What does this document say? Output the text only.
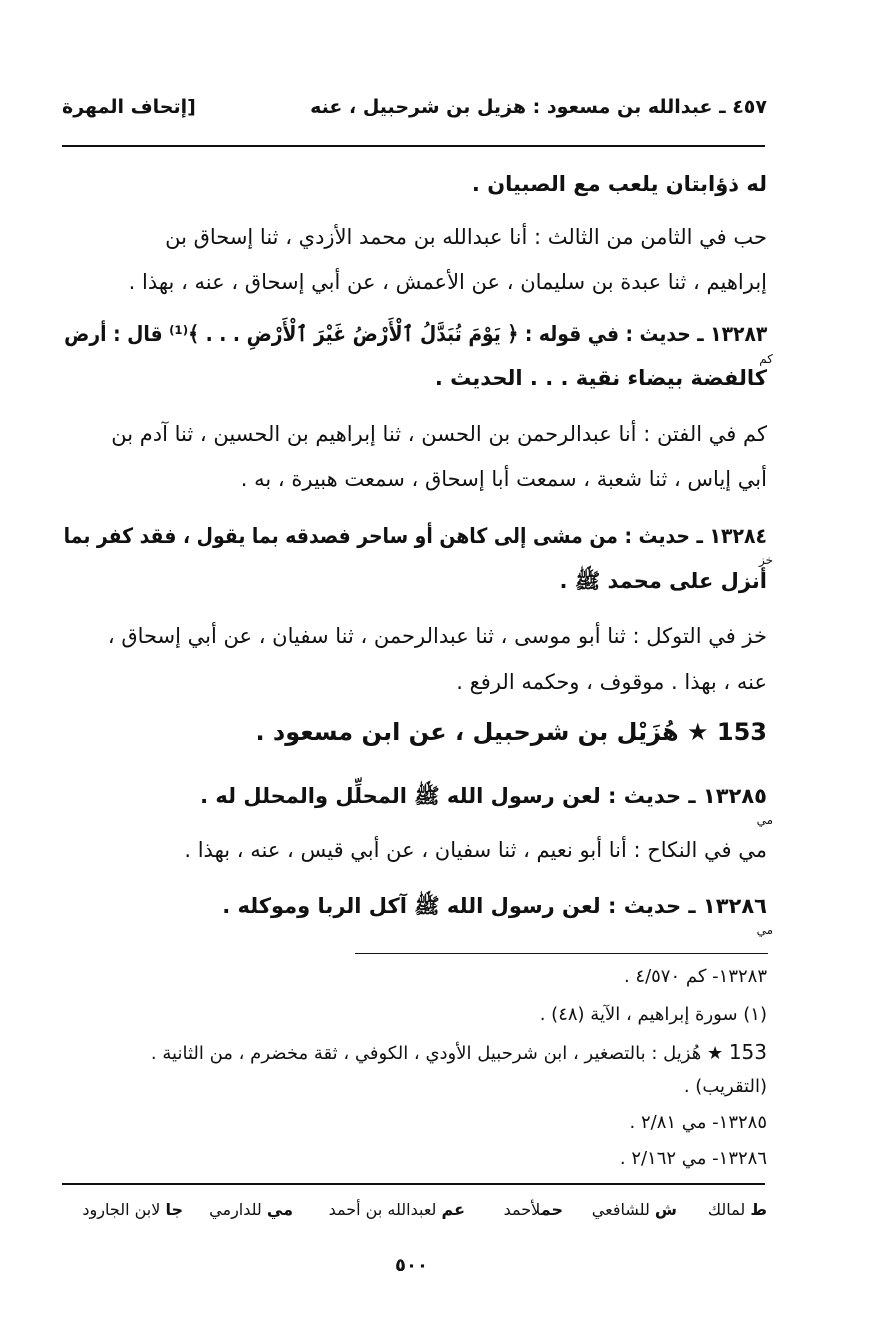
٤٥٧ ـ عبدالله بن مسعود : هزيل بن شرحبيل ، عنه
[إتحاف المهرة
له ذؤابتان يلعب مع الصبيان .
حب في الثامن من الثالث : أنا عبدالله بن محمد الأزدي ، ثنا إسحاق بن
إبراهيم ، ثنا عبدة بن سليمان ، عن الأعمش ، عن أبي إسحاق ، عنه ، بهذا .
١٣٢٨٣ ـ حديث : في قوله : ﴿ يَوْمَ تُبَدَّلُ ٱلْأَرْضُ غَيْرَ ٱلْأَرْضِ . . . ﴾⁽¹⁾ قال : أرض
كم
كالفضة بيضاء نقية . . . الحديث .
كم في الفتن : أنا عبدالرحمن بن الحسن ، ثنا إبراهيم بن الحسين ، ثنا آدم بن
أبي إياس ، ثنا شعبة ، سمعت أبا إسحاق ، سمعت هبيرة ، به .
١٣٢٨٤ ـ حديث : من مشى إلى كاهن أو ساحر فصدقه بما يقول ، فقد كفر بما
خز
أنزل على محمد ﷺ .
خز في التوكل : ثنا أبو موسى ، ثنا عبدالرحمن ، ثنا سفيان ، عن أبي إسحاق ،
عنه ، بهذا . موقوف ، وحكمه الرفع .
153 ★ هُزَيْل بن شرحبيل ، عن ابن مسعود .
١٣٢٨٥ ـ حديث : لعن رسول الله ﷺ المحلِّل والمحلل له .
مي
مي في النكاح : أنا أبو نعيم ، ثنا سفيان ، عن أبي قيس ، عنه ، بهذا .
١٣٢٨٦ ـ حديث : لعن رسول الله ﷺ آكل الربا وموكله .
مي
١٣٢٨٣- كم ٤/٥٧٠ .
(١) سورة إبراهيم ، الآية (٤٨) .
153 ★ هُزيل : بالتصغير ، ابن شرحبيل الأودي ، الكوفي ، ثقة مخضرم ، من الثانية .
(التقريب) .
١٣٢٨٥- مي ٢/٨١ .
١٣٢٨٦- مي ٢/١٦٢ .
ط لمالك
ش للشافعي
حملأحمد
عم لعبدالله بن أحمد
مي للدارمي
جا لابن الجارود
٥٠٠
